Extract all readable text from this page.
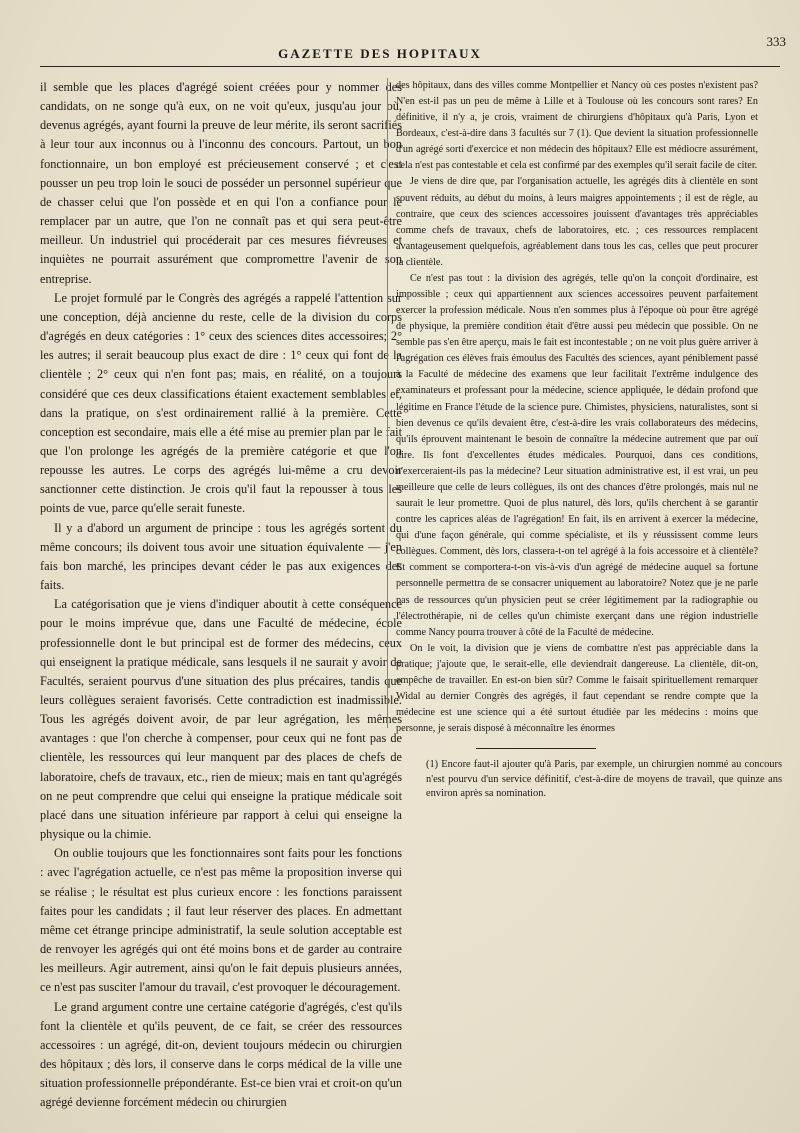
GAZETTE DES HOPITAUX
333

il semble que les places d'agrégé soient créées pour y nommer des candidats, on ne songe qu'à eux, on ne voit qu'eux, jusqu'au jour où, devenus agrégés, ayant fourni la preuve de leur mérite, ils seront sacrifiés à leur tour aux inconnus ou à l'inconnu des concours. Partout, un bon fonctionnaire, un bon employé est précieusement conservé ; et c'est pousser un peu trop loin le souci de posséder un personnel supérieur que de chasser celui que l'on possède et en qui l'on a confiance pour le remplacer par un autre, que l'on ne connaît pas et qui sera peut-être meilleur. Un industriel qui procéderait par ces mesures fiévreuses et inquiètes ne pourrait assurément que compromettre l'avenir de son entreprise.

Le projet formulé par le Congrès des agrégés a rappelé l'attention sur une conception, déjà ancienne du reste, celle de la division du corps d'agrégés en deux catégories : 1° ceux des sciences dites accessoires; 2° les autres; il serait beaucoup plus exact de dire : 1° ceux qui font de la clientèle ; 2° ceux qui n'en font pas; mais, en réalité, on a toujours considéré que ces deux classifications étaient exactement semblables et, dans la pratique, on s'est ordinairement rallié à la première. Cette conception est secondaire, mais elle a été mise au premier plan par le fait que l'on prolonge les agrégés de la première catégorie et que l'on repousse les autres. Le corps des agrégés lui-même a cru devoir sanctionner cette distinction. Je crois qu'il faut la repousser à tous les points de vue, parce qu'elle serait funeste.

Il y a d'abord un argument de principe : tous les agrégés sortent du même concours; ils doivent tous avoir une situation équivalente — j'en fais bon marché, les principes devant céder le pas aux exigences des faits.

La catégorisation que je viens d'indiquer aboutit à cette conséquence pour le moins imprévue que, dans une Faculté de médecine, école professionnelle dont le but principal est de former des médecins, ceux qui enseignent la pratique médicale, sans lesquels il ne saurait y avoir de Facultés, seraient pourvus d'une situation des plus précaires, tandis que leurs collègues seraient favorisés. Cette contradiction est inadmissible. Tous les agrégés doivent avoir, de par leur agrégation, les mêmes avantages : que l'on cherche à compenser, pour ceux qui ne font pas de clientèle, les ressources qui leur manquent par des places de chefs de laboratoire, chefs de travaux, etc., rien de mieux; mais en tant qu'agrégés on ne peut comprendre que celui qui enseigne la pratique médicale soit placé dans une situation inférieure par rapport à celui qui enseigne la physique ou la chimie.

On oublie toujours que les fonctionnaires sont faits pour les fonctions : avec l'agrégation actuelle, ce n'est pas même la proposition inverse qui se réalise ; le résultat est plus curieux encore : les fonctions paraissent faites pour les candidats ; il faut leur réserver des places. En admettant même cet étrange principe administratif, la seule solution acceptable est de renvoyer les agrégés qui ont été moins bons et de garder au contraire les meilleurs. Agir autrement, ainsi qu'on le fait depuis plusieurs années, ce n'est pas susciter l'amour du travail, c'est provoquer le découragement.

Le grand argument contre une certaine catégorie d'agrégés, c'est qu'ils font la clientèle et qu'ils peuvent, de ce fait, se créer des ressources accessoires : un agrégé, dit-on, devient toujours médecin ou chirurgien des hôpitaux ; dès lors, il conserve dans le corps médical de la ville une situation professionnelle prépondérante. Est-ce bien vrai et croit-on qu'un agrégé devienne forcément médecin ou chirurgien

des hôpitaux, dans des villes comme Montpellier et Nancy où ces postes n'existent pas? N'en est-il pas un peu de même à Lille et à Toulouse où les concours sont rares? En définitive, il n'y a, je crois, vraiment de chirurgiens d'hôpitaux qu'à Paris, Lyon et Bordeaux, c'est-à-dire dans 3 facultés sur 7 (1). Que devient la situation professionnelle d'un agrégé sorti d'exercice et non médecin des hôpitaux? Elle est médiocre assurément, cela n'est pas contestable et cela est confirmé par des exemples qu'il serait facile de citer.

Je viens de dire que, par l'organisation actuelle, les agrégés dits à clientèle en sont souvent réduits, au début du moins, à leurs maigres appointements ; il est de règle, au contraire, que ceux des sciences accessoires jouissent d'avantages très appréciables comme chefs de travaux, chefs de laboratoires, etc. ; ces ressources remplacent avantageusement quelquefois, agréablement dans tous les cas, celles que peut procurer la clientèle.

Ce n'est pas tout : la division des agrégés, telle qu'on la conçoit d'ordinaire, est impossible ; ceux qui appartiennent aux sciences accessoires peuvent parfaitement exercer la profession médicale. Nous n'en sommes plus à l'époque où pour être agrégé de physique, la première condition était d'être aussi peu médecin que possible. On ne semble pas s'en être aperçu, mais le fait est incontestable ; on ne voit plus guère arriver à l'agrégation ces élèves frais émoulus des Facultés des sciences, ayant péniblement passé à la Faculté de médecine des examens que leur facilitait l'extrême indulgence des examinateurs et professant pour la médecine, science appliquée, le dédain profond que légitime en France l'étude de la science pure. Chimistes, physiciens, naturalistes, sont si bien devenus ce qu'ils devaient être, c'est-à-dire les vrais collaborateurs des médecins, qu'ils éprouvent maintenant le besoin de connaître la médecine autrement que par ouï dire. Ils font d'excellentes études médicales. Pourquoi, dans ces conditions, n'exerceraient-ils pas la médecine? Leur situation administrative est, il est vrai, un peu meilleure que celle de leurs collègues, ils ont des chances d'être prolongés, mais nul ne saurait le leur promettre. Quoi de plus naturel, dès lors, qu'ils cherchent à se garantir contre les caprices aléas de l'agrégation! En fait, ils en arrivent à exercer la médecine, qui d'une façon générale, qui comme spécialiste, et ils y réussissent comme leurs collègues. Comment, dès lors, classera-t-on tel agrégé à la fois accessoire et à clientèle? Et comment se comportera-t-on vis-à-vis d'un agrégé de médecine auquel sa fortune personnelle permettra de se consacrer uniquement au laboratoire? Notez que je ne parle pas de ressources qu'un physicien peut se créer légitimement par la radiographie ou l'électrothérapie, ni de celles qu'un chimiste exerçant dans une région industrielle comme Nancy pourra trouver à côté de la Faculté de médecine.

On le voit, la division que je viens de combattre n'est pas appréciable dans la pratique; j'ajoute que, le serait-elle, elle deviendrait dangereuse. La clientèle, dit-on, empêche de travailler. En est-on bien sûr? Comme le faisait spirituellement remarquer Widal au dernier Congrès des agrégés, il faut cependant se rendre compte que la médecine est une science qui a été surtout étudiée par les médecins : moins que personne, je serais disposé à méconnaître les énormes

(1) Encore faut-il ajouter qu'à Paris, par exemple, un chirurgien nommé au concours n'est pourvu d'un service définitif, c'est-à-dire de moyens de travail, que quinze ans environ après sa nomination.
